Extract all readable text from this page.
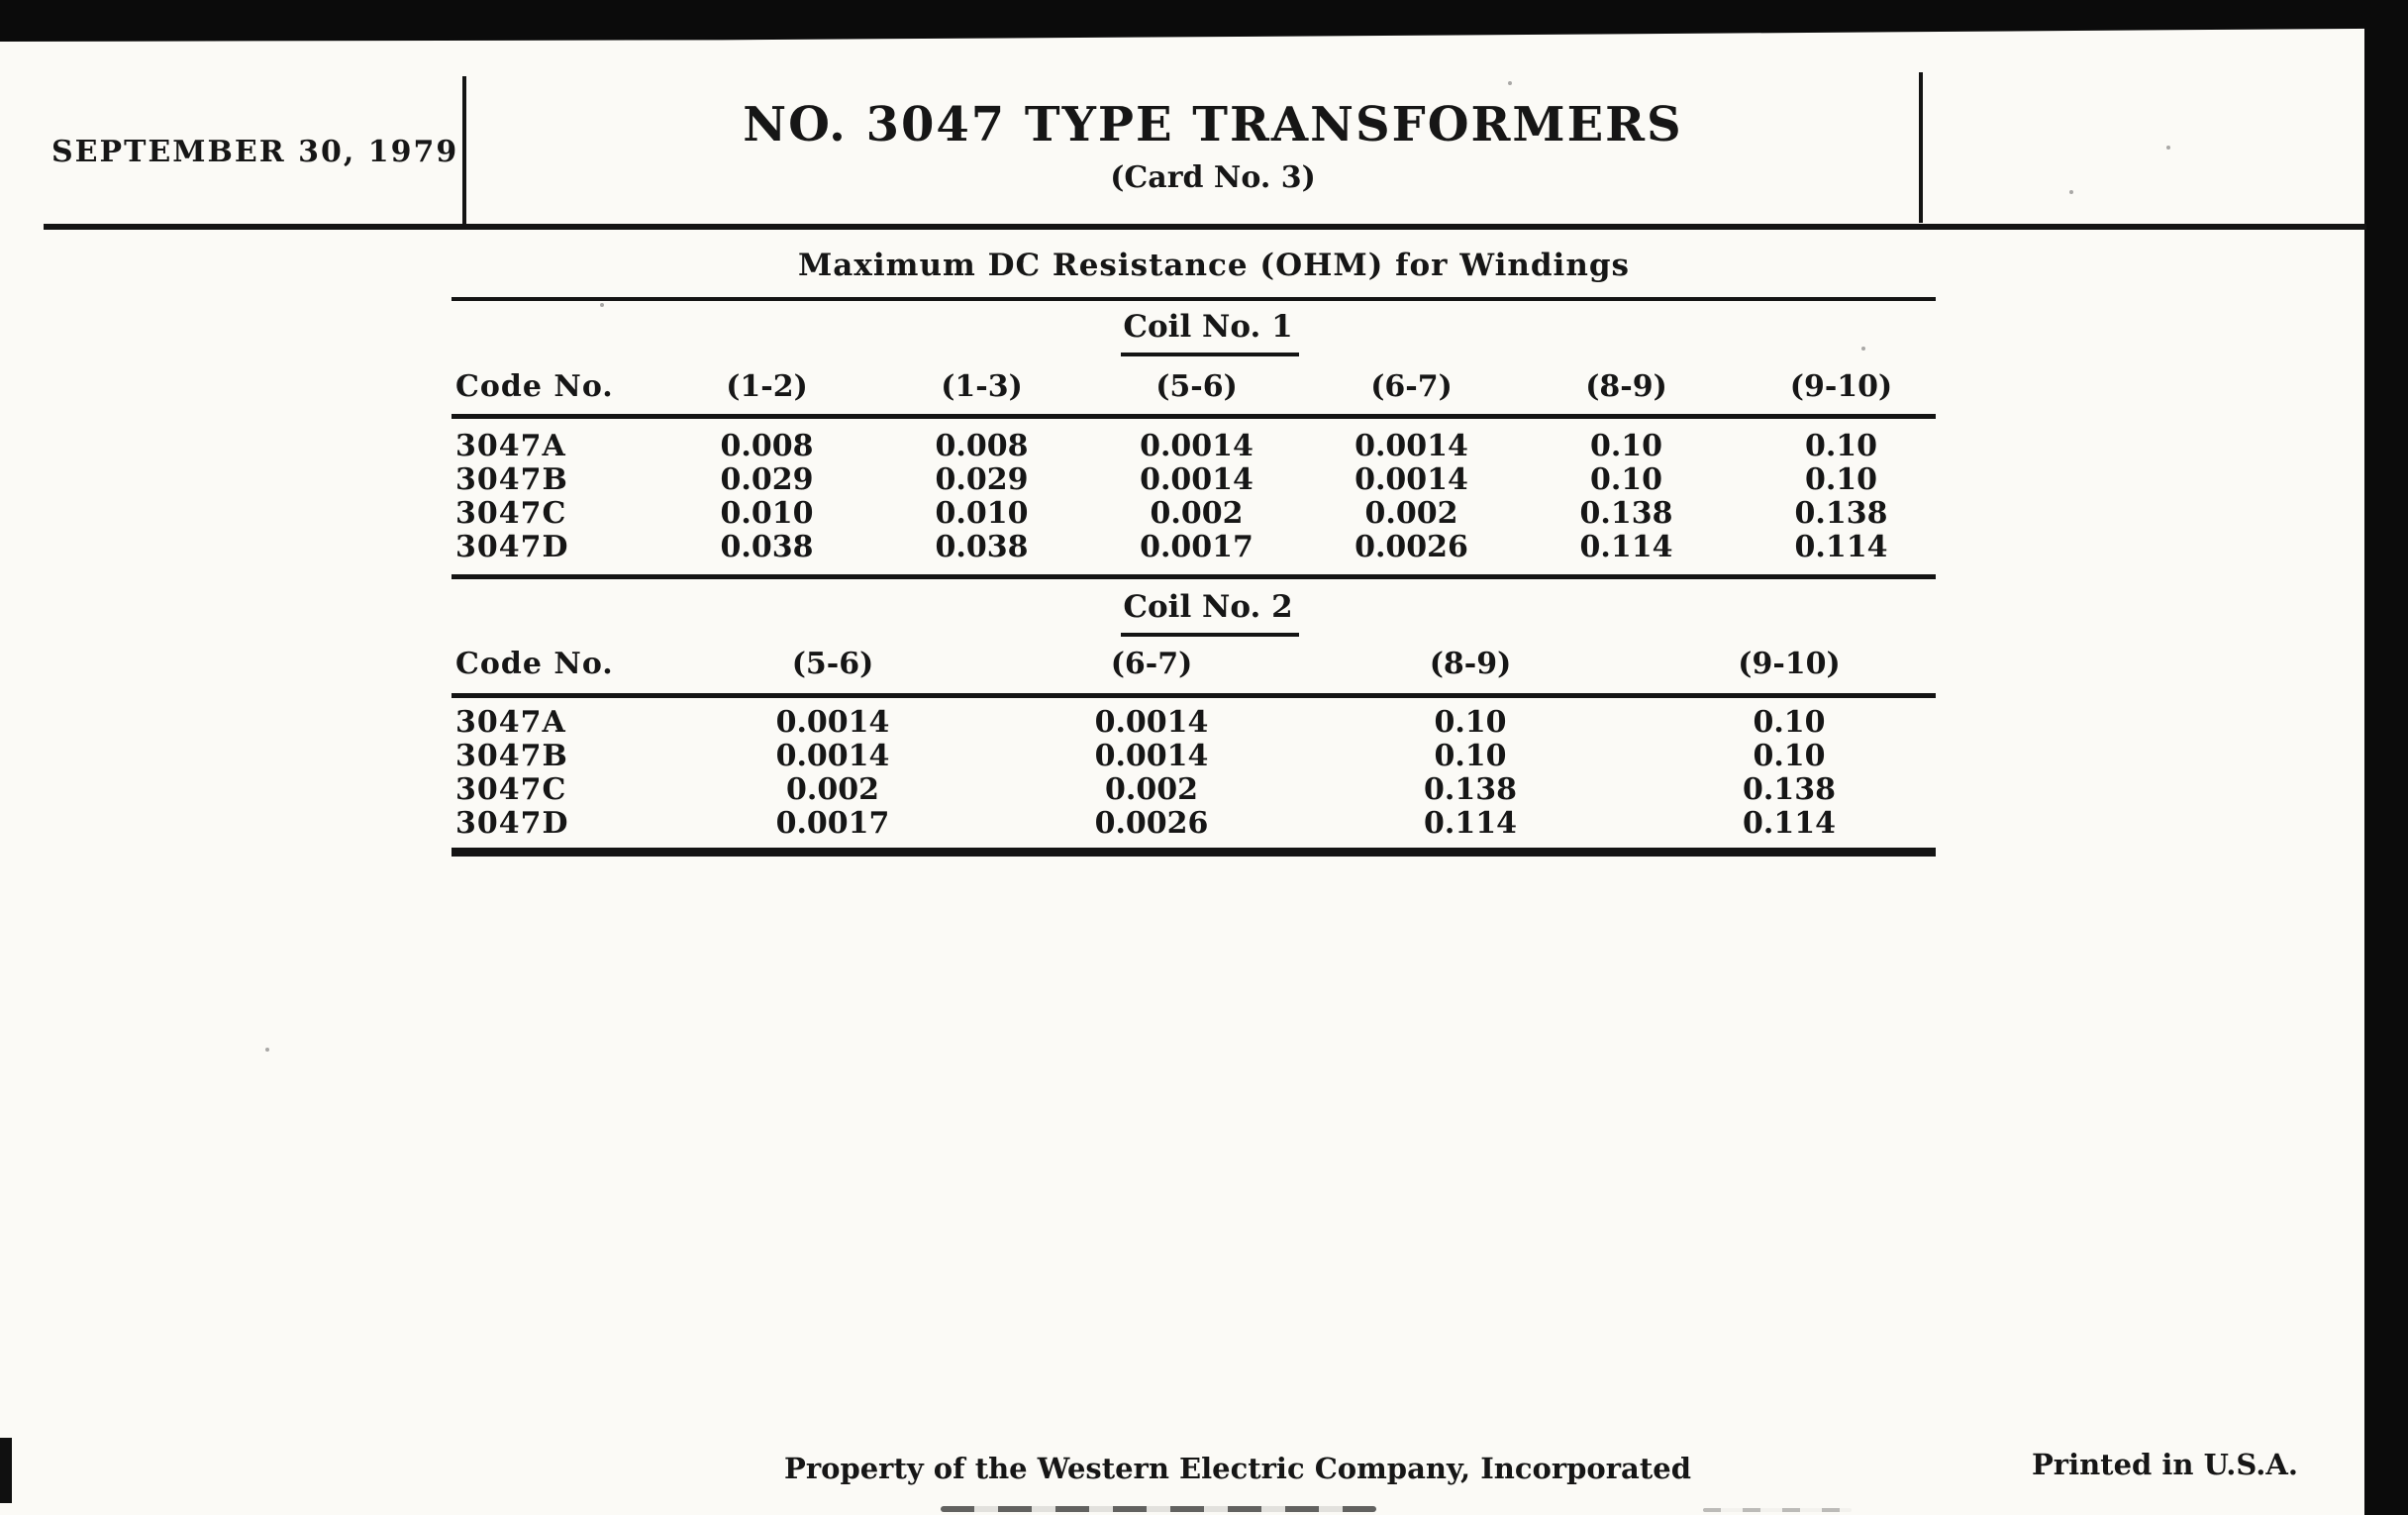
SEPTEMBER 30, 1979	NO. 3047 TYPE TRANSFORMERS
(Card No. 3)
Maximum DC Resistance (OHM) for Windings
Coil No. 1
Code No.	(1-2)	(1-3)	(5-6)	(6-7)	(8-9)	(9-10)
3047A	0.008	0.008	0.0014	0.0014	0.10	0.10
3047B	0.029	0.029	0.0014	0.0014	0.10	0.10
3047C	0.010	0.010	0.002	0.002	0.138	0.138
3047D	0.038	0.038	0.0017	0.0026	0.114	0.114
Coil No. 2
Code No.	(5-6)	(6-7)	(8-9)	(9-10)
3047A	0.0014	0.0014	0.10	0.10
3047B	0.0014	0.0014	0.10	0.10
3047C	0.002	0.002	0.138	0.138
3047D	0.0017	0.0026	0.114	0.114
Property of the Western Electric Company, Incorporated	Printed in U.S.A.
